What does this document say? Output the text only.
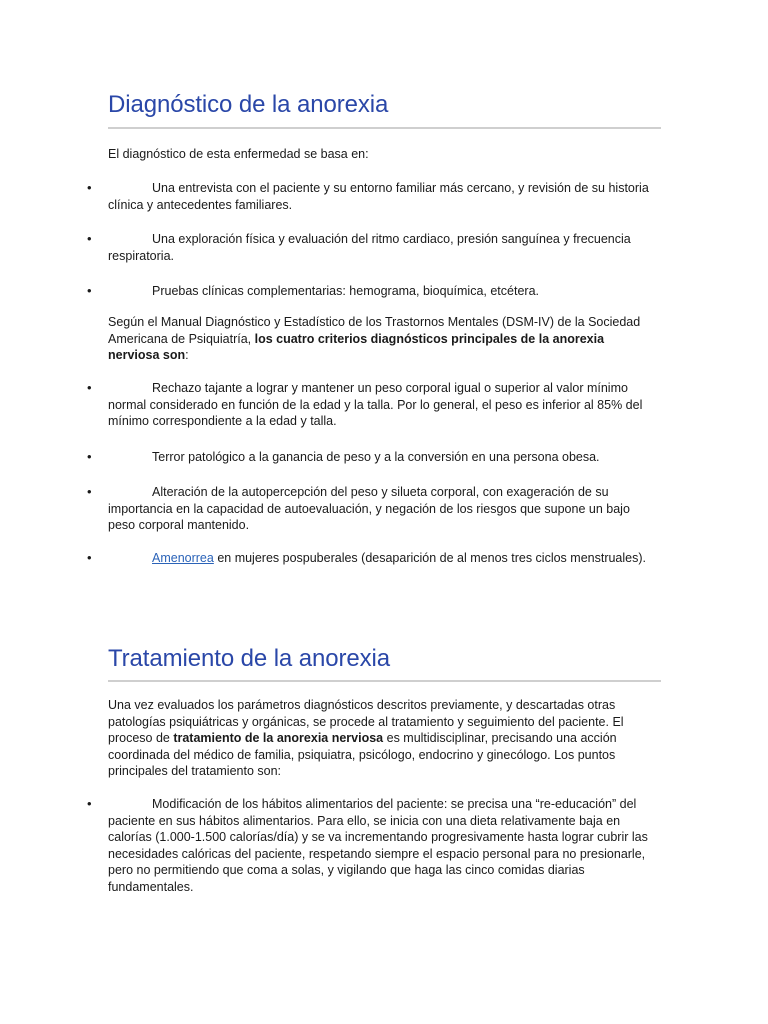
Diagnóstico de la anorexia

El diagnóstico de esta enfermedad se basa en:

•	Una entrevista con el paciente y su entorno familiar más cercano, y revisión de su historia clínica y antecedentes familiares.

•	Una exploración física y evaluación del ritmo cardiaco, presión sanguínea y frecuencia respiratoria.

•	Pruebas clínicas complementarias: hemograma, bioquímica, etcétera.

Según el Manual Diagnóstico y Estadístico de los Trastornos Mentales (DSM-IV) de la Sociedad Americana de Psiquiatría, los cuatro criterios diagnósticos principales de la anorexia nerviosa son:

•	Rechazo tajante a lograr y mantener un peso corporal igual o superior al valor mínimo normal considerado en función de la edad y la talla. Por lo general, el peso es inferior al 85% del mínimo correspondiente a la edad y talla.

•	Terror patológico a la ganancia de peso y a la conversión en una persona obesa.

•	Alteración de la autopercepción del peso y silueta corporal, con exageración de su importancia en la capacidad de autoevaluación, y negación de los riesgos que supone un bajo peso corporal mantenido.

•	Amenorrea en mujeres pospuberales (desaparición de al menos tres ciclos menstruales).

Tratamiento de la anorexia

Una vez evaluados los parámetros diagnósticos descritos previamente, y descartadas otras patologías psiquiátricas y orgánicas, se procede al tratamiento y seguimiento del paciente. El proceso de tratamiento de la anorexia nerviosa es multidisciplinar, precisando una acción coordinada del médico de familia, psiquiatra, psicólogo, endocrino y ginecólogo. Los puntos principales del tratamiento son:

•	Modificación de los hábitos alimentarios del paciente: se precisa una “re-educación” del paciente en sus hábitos alimentarios. Para ello, se inicia con una dieta relativamente baja en calorías (1.000-1.500 calorías/día) y se va incrementando progresivamente hasta lograr cubrir las necesidades calóricas del paciente, respetando siempre el espacio personal para no presionarle, pero no permitiendo que coma a solas, y vigilando que haga las cinco comidas diarias fundamentales.
